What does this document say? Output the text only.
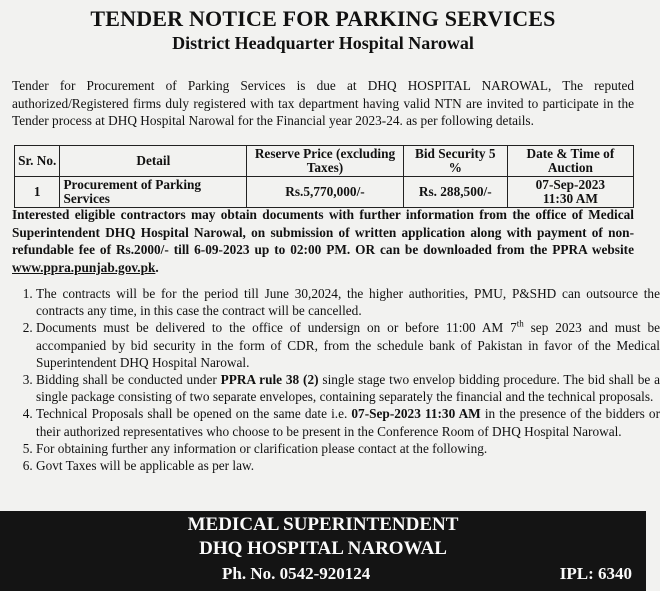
TENDER NOTICE FOR PARKING SERVICES
District Headquarter Hospital Narowal
Tender for Procurement of Parking Services is due at DHQ HOSPITAL NAROWAL, The reputed authorized/Registered firms duly registered with tax department having valid NTN are invited to participate in the Tender process at DHQ Hospital Narowal for the Financial year 2023-24. as per following details.
Sr. No.	Detail	Reserve Price (excluding Taxes)	Bid Security 5 %	Date & Time of Auction
1	Procurement of Parking Services	Rs.5,770,000/-	Rs. 288,500/-	07-Sep-2023
11:30 AM
Interested eligible contractors may obtain documents with further information from the office of Medical Superintendent DHQ Hospital Narowal, on submission of written application along with payment of non-refundable fee of Rs.2000/- till 6-09-2023 up to 02:00 PM. OR can be downloaded from the PPRA website www.ppra.punjab.gov.pk.
1. The contracts will be for the period till June 30,2024, the higher authorities, PMU, P&SHD can outsource the contracts any time, in this case the contract will be cancelled.
2. Documents must be delivered to the office of undersign on or before 11:00 AM 7th sep 2023 and must be accompanied by bid security in the form of CDR, from the schedule bank of Pakistan in favor of the Medical Superintendent DHQ Hospital Narowal.
3. Bidding shall be conducted under PPRA rule 38 (2) single stage two envelop bidding procedure. The bid shall be a single package consisting of two separate envelopes, containing separately the financial and the technical proposals.
4. Technical Proposals shall be opened on the same date i.e. 07-Sep-2023 11:30 AM in the presence of the bidders or their authorized representatives who choose to be present in the Conference Room of DHQ Hospital Narowal.
5. For obtaining further any information or clarification please contact at the following.
6. Govt Taxes will be applicable as per law.
MEDICAL SUPERINTENDENT
DHQ HOSPITAL NAROWAL
Ph. No. 0542-920124	IPL: 6340
